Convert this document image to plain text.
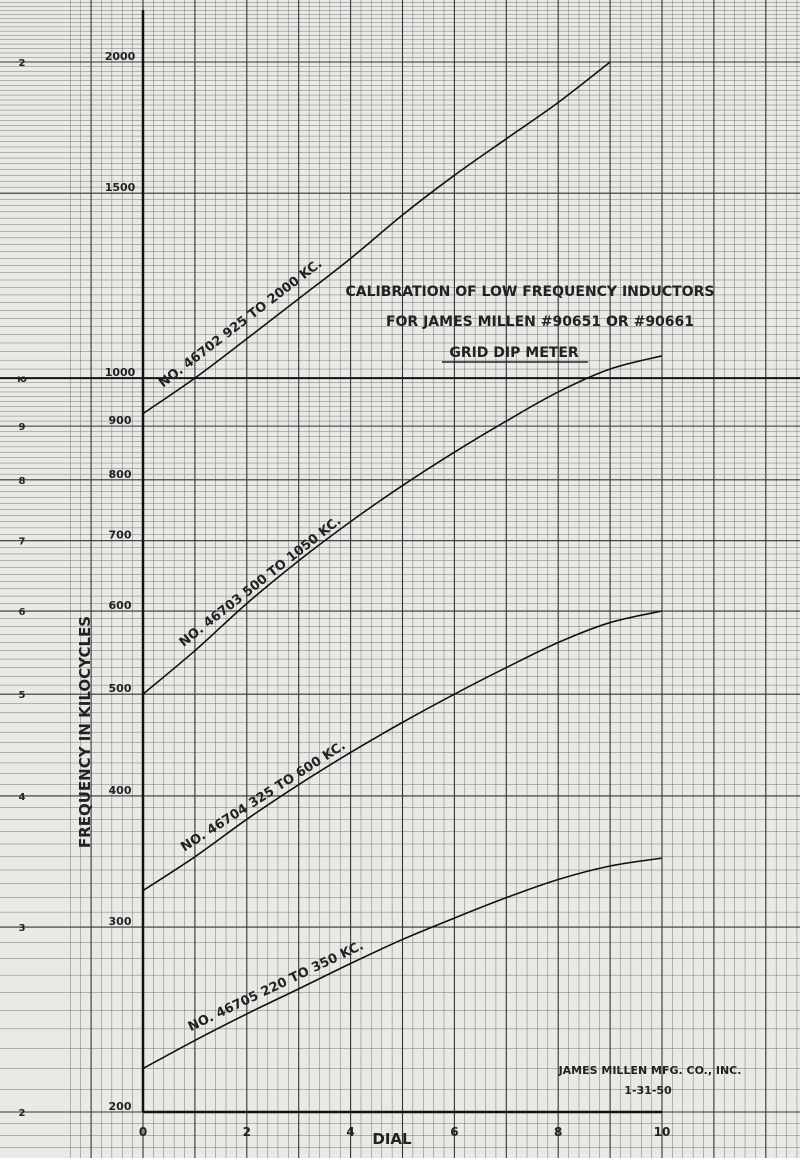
0	2	4	6	8	10
2000
1500
1000
900
800
700
600
500
400
300
200
2
ю
9
8
7
6
5
4
3
2
NO. 46702 925 TO 2000 KC.
NO. 46703 500 TO 1050 KC.
NO. 46704 325 TO 600 KC.
NO. 46705 220 TO 350 KC.
CALIBRATION OF LOW FREQUENCY INDUCTORS
FOR JAMES MILLEN #90651 OR #90661
GRID DIP METER
DIAL
FREQUENCY IN KILOCYCLES
JAMES MILLEN MFG. CO., INC.
1-31-50
